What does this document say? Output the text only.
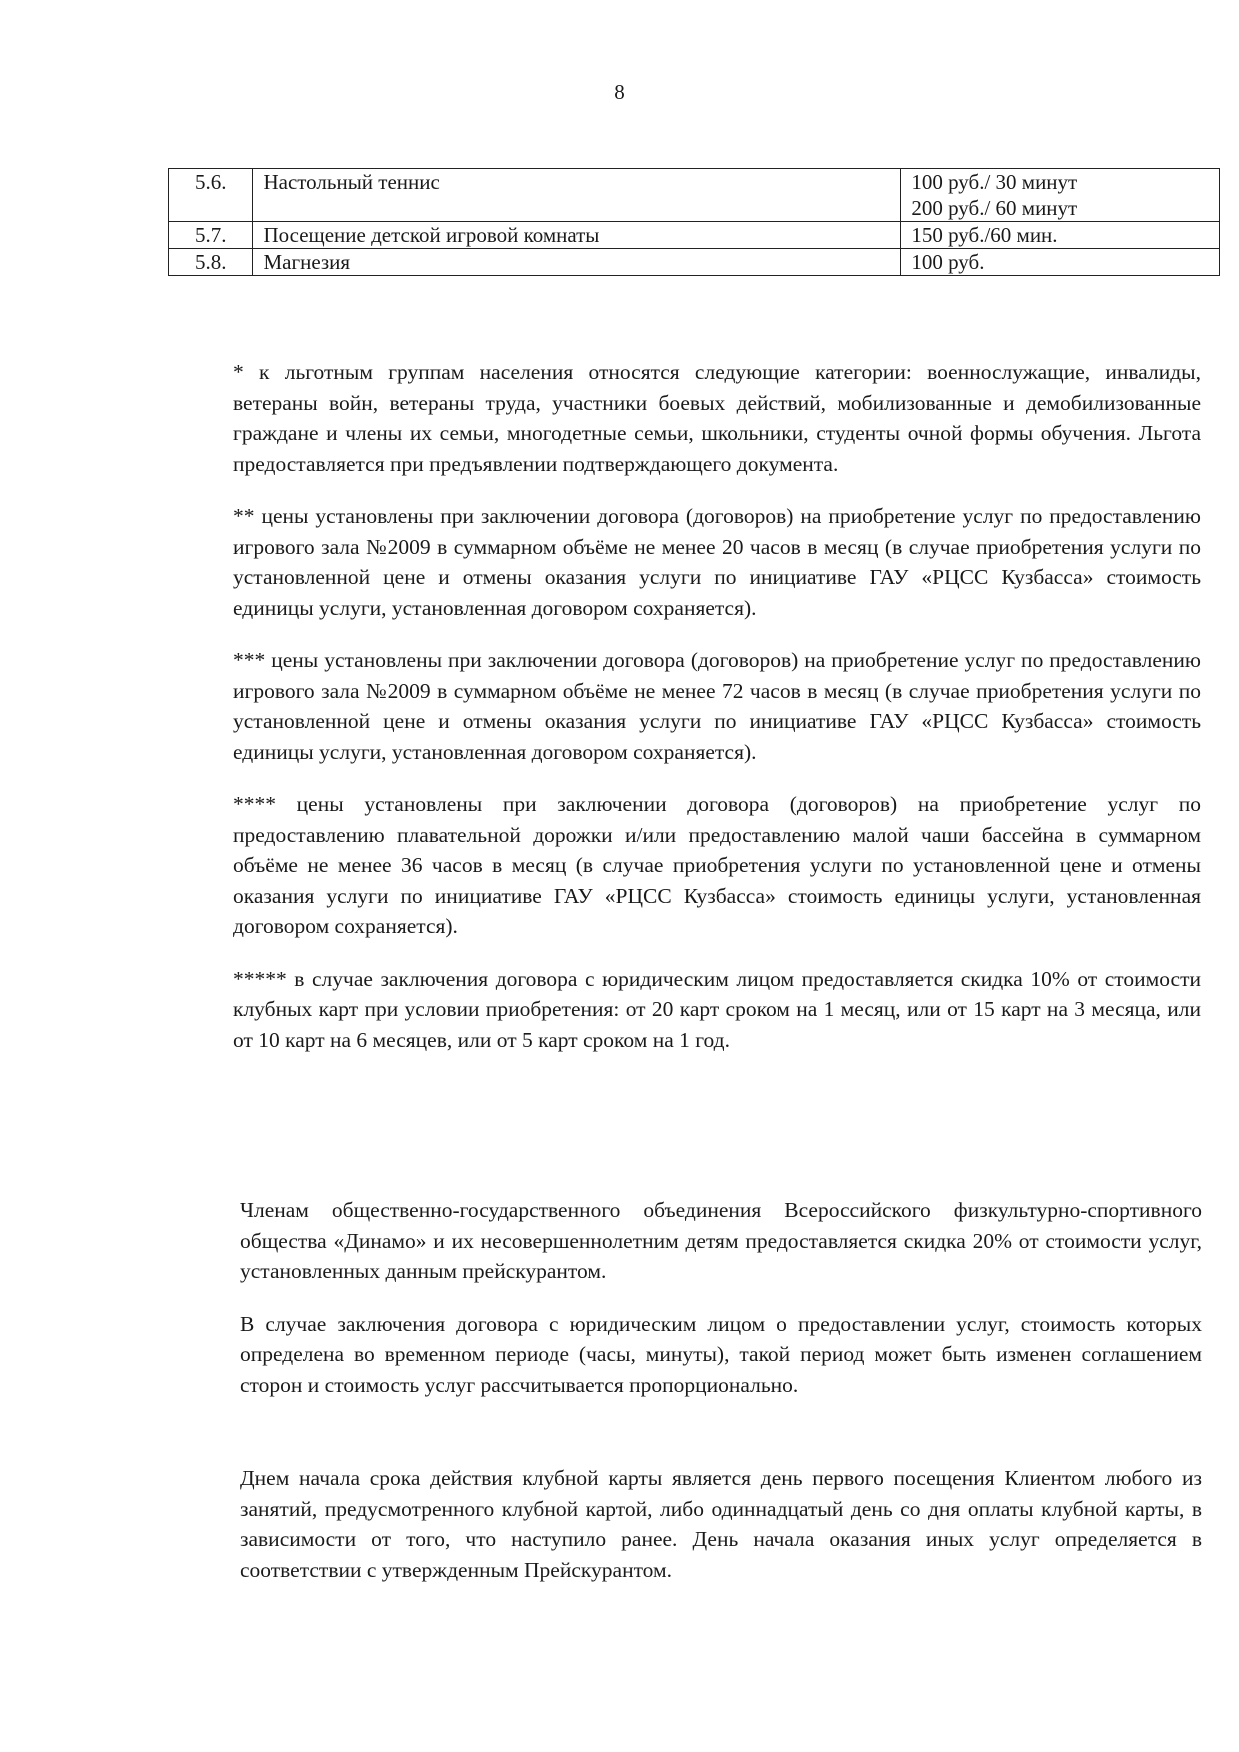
8
5.6.	Настольный теннис	100 руб./ 30 минут
200 руб./ 60 минут

5.7.	Посещение детской игровой комнаты	150 руб./60 мин.

5.8.	Магнезия	100 руб.

* к льготным группам населения относятся следующие категории: военнослужащие, инвалиды, ветераны войн, ветераны труда, участники боевых действий, мобилизованные и демобилизованные граждане и члены их семьи, многодетные семьи, школьники, студенты очной формы обучения. Льгота предоставляется при предъявлении подтверждающего документа.

** цены установлены при заключении договора (договоров) на приобретение услуг по предоставлению игрового зала №2009 в суммарном объёме не менее 20 часов в месяц (в случае приобретения услуги по установленной цене и отмены оказания услуги по инициативе ГАУ «РЦСС Кузбасса» стоимость единицы услуги, установленная договором сохраняется).

*** цены установлены при заключении договора (договоров) на приобретение услуг по предоставлению игрового зала №2009 в суммарном объёме не менее 72 часов в месяц (в случае приобретения услуги по установленной цене и отмены оказания услуги по инициативе ГАУ «РЦСС Кузбасса» стоимость единицы услуги, установленная договором сохраняется).

**** цены установлены при заключении договора (договоров) на приобретение услуг по предоставлению плавательной дорожки и/или предоставлению малой чаши бассейна в суммарном объёме не менее 36 часов в месяц (в случае приобретения услуги по установленной цене и отмены оказания услуги по инициативе ГАУ «РЦСС Кузбасса» стоимость единицы услуги, установленная договором сохраняется).

***** в случае заключения договора с юридическим лицом предоставляется скидка 10% от стоимости клубных карт при условии приобретения: от 20 карт сроком на 1 месяц, или от 15 карт на 3 месяца, или от 10 карт на 6 месяцев, или от 5 карт сроком на 1 год.

Членам общественно-государственного объединения Всероссийского физкультурно-спортивного общества «Динамо» и их несовершеннолетним детям предоставляется скидка 20% от стоимости услуг, установленных данным прейскурантом.

В случае заключения договора с юридическим лицом о предоставлении услуг, стоимость которых определена во временном периоде (часы, минуты), такой период может быть изменен соглашением сторон и стоимость услуг рассчитывается пропорционально.

Днем начала срока действия клубной карты является день первого посещения Клиентом любого из занятий, предусмотренного клубной картой, либо одиннадцатый день со дня оплаты клубной карты, в зависимости от того, что наступило ранее. День начала оказания иных услуг определяется в соответствии с утвержденным Прейскурантом.
